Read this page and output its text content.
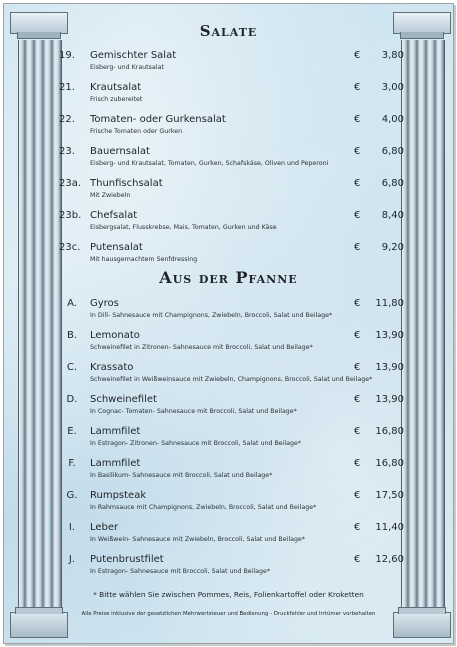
Salate
19.	Gemischter Salat
Eisberg- und Krautsalat
€	3,80
21.	Krautsalat
Frisch zubereitet
€	3,00
22.	Tomaten- oder Gurkensalat
Frische Tomaten oder Gurken
€	4,00
23.	Bauernsalat
Eisberg- und Krautsalat, Tomaten, Gurken, Schafskäse, Oliven und Peperoni
€	6,80
23a. Thunfischsalat
Mit Zwiebeln
€	6,80
23b. Chefsalat
Eisbergsalat, Flusskrebse, Mais, Tomaten, Gurken und Käse
€	8,40
23c. Putensalat
Mit hausgemachtem Senfdressing
€	9,20
Aus der Pfanne
A.	Gyros
In Dill- Sahnesauce mit Champignons, Zwiebeln, Broccoli, Salat und Beilage*
€	11,80
B.	Lemonato
Schweinefilet in Zitronen- Sahnesauce mit Broccoli, Salat und Beilage*
€	13,90
C.	Krassato
Schweinefilet in Weißweinsauce mit Zwiebeln, Champignons, Broccoli, Salat und Beilage*
€	13,90
D.	Schweinefilet
In Cognac- Tomaten- Sahnesauce mit Broccoli, Salat und Beilage*
€	13,90
E.	Lammfilet
In Estragon- Zitronen- Sahnesauce mit Broccoli, Salat und Beilage*
€	16,80
F.	Lammfilet
In Basilikum- Sahnesauce mit Broccoli, Salat und Beilage*
€	16,80
G.	Rumpsteak
In Rahmsauce mit Champignons, Zwiebeln, Broccoli, Salat und Beilage*
€	17,50
I.	Leber
In Weißwein- Sahnesauce mit Zwiebeln, Broccoli, Salat und Beilage*
€	11,40
J.	Putenbrustfilet
In Estragon- Sahnesauce mit Broccoli, Salat und Beilage*
€	12,60
* Bitte wählen Sie zwischen Pommes, Reis, Folienkartoffel oder Kroketten
Alle Preise inklusive der gesetzlichen Mehrwertsteuer und Bedienung - Druckfehler und Irrtümer vorbehalten
